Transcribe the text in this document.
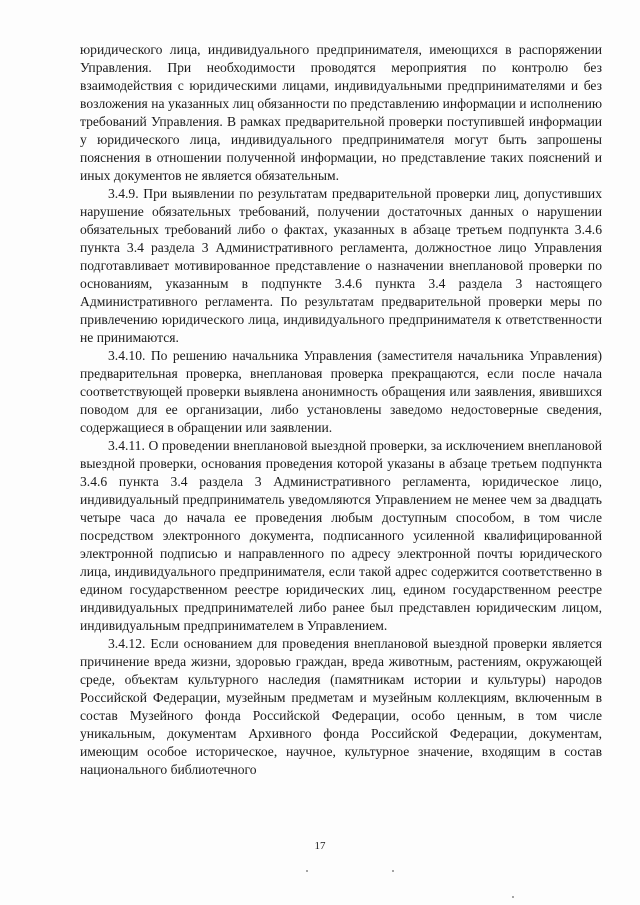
юридического лица, индивидуального предпринимателя, имеющихся в распоряжении Управления. При необходимости проводятся мероприятия по контролю без взаимодействия с юридическими лицами, индивидуальными предпринимателями и без возложения на указанных лиц обязанности по представлению информации и исполнению требований Управления. В рамках предварительной проверки поступившей информации у юридического лица, индивидуального предпринимателя могут быть запрошены пояснения в отношении полученной информации, но представление таких пояснений и иных документов не является обязательным.

3.4.9. При выявлении по результатам предварительной проверки лиц, допустивших нарушение обязательных требований, получении достаточных данных о нарушении обязательных требований либо о фактах, указанных в абзаце третьем подпункта 3.4.6 пункта 3.4 раздела 3 Административного регламента, должностное лицо Управления подготавливает мотивированное представление о назначении внеплановой проверки по основаниям, указанным в подпункте 3.4.6 пункта 3.4 раздела 3 настоящего Административного регламента. По результатам предварительной проверки меры по привлечению юридического лица, индивидуального предпринимателя к ответственности не принимаются.

3.4.10. По решению начальника Управления (заместителя начальника Управления) предварительная проверка, внеплановая проверка прекращаются, если после начала соответствующей проверки выявлена анонимность обращения или заявления, явившихся поводом для ее организации, либо установлены заведомо недостоверные сведения, содержащиеся в обращении или заявлении.

3.4.11. О проведении внеплановой выездной проверки, за исключением внеплановой выездной проверки, основания проведения которой указаны в абзаце третьем подпункта 3.4.6 пункта 3.4 раздела 3 Административного регламента, юридическое лицо, индивидуальный предприниматель уведомляются Управлением не менее чем за двадцать четыре часа до начала ее проведения любым доступным способом, в том числе посредством электронного документа, подписанного усиленной квалифицированной электронной подписью и направленного по адресу электронной почты юридического лица, индивидуального предпринимателя, если такой адрес содержится соответственно в едином государственном реестре юридических лиц, едином государственном реестре индивидуальных предпринимателей либо ранее был представлен юридическим лицом, индивидуальным предпринимателем в Управлением.

3.4.12. Если основанием для проведения внеплановой выездной проверки является причинение вреда жизни, здоровью граждан, вреда животным, растениям, окружающей среде, объектам культурного наследия (памятникам истории и культуры) народов Российской Федерации, музейным предметам и музейным коллекциям, включенным в состав Музейного фонда Российской Федерации, особо ценным, в том числе уникальным, документам Архивного фонда Российской Федерации, документам, имеющим особое историческое, научное, культурное значение, входящим в состав национального библиотечного

17
